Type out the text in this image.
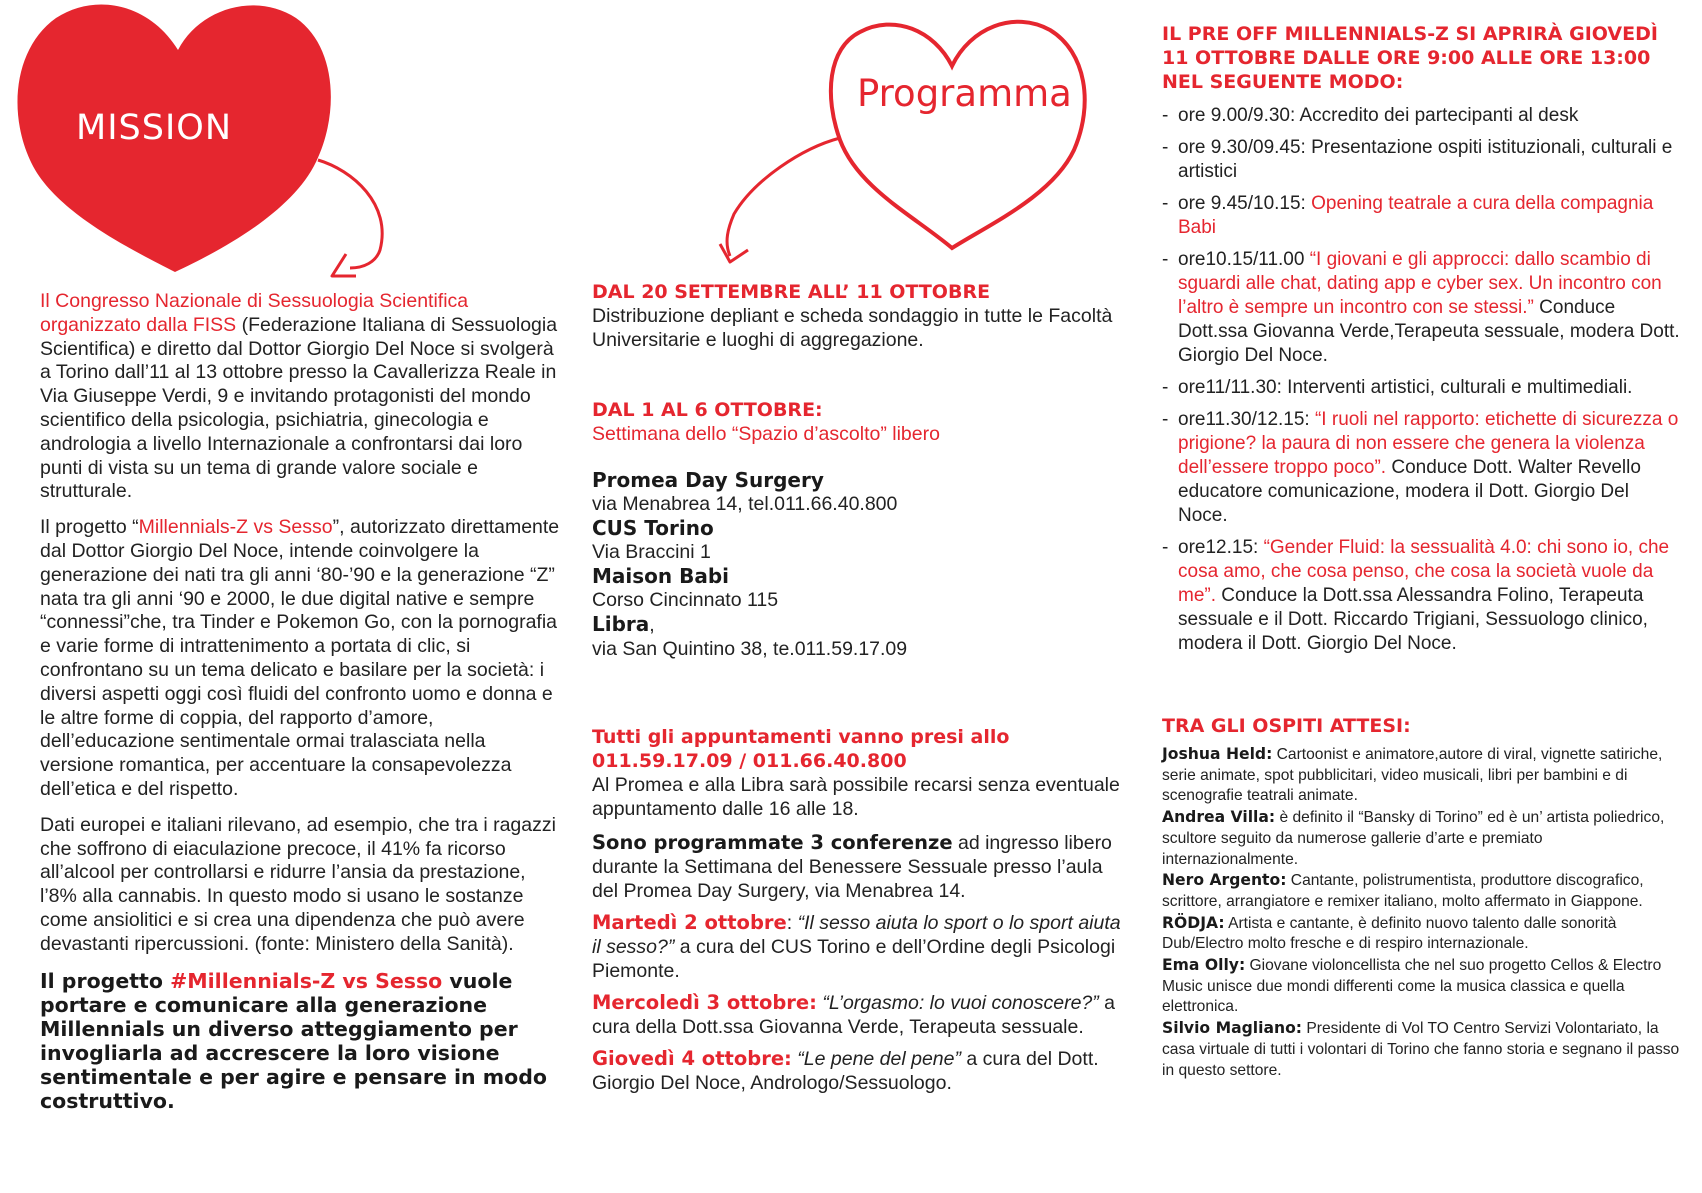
MISSION
Programma

Il Congresso Nazionale di Sessuologia Scientifica organizzato dalla FISS (Federazione Italiana di Sessuologia Scientifica) e diretto dal Dottor Giorgio Del Noce si svolgerà a Torino dall’11 al 13 ottobre presso la Cavallerizza Reale in Via Giuseppe Verdi, 9 e invitando protagonisti del mondo scientifico della psicologia, psichiatria, ginecologia e andrologia a livello Internazionale a confrontarsi dai loro punti di vista su un tema di grande valore sociale e strutturale.

Il progetto “Millennials-Z vs Sesso”, autorizzato direttamente dal Dottor Giorgio Del Noce, intende coinvolgere la generazione dei nati tra gli anni ‘80-’90 e la generazione “Z” nata tra gli anni ‘90 e 2000, le due digital native e sempre “connessi”che, tra Tinder e Pokemon Go, con la pornografia e varie forme di intrattenimento a portata di clic, si confrontano su un tema delicato e basilare per la società: i diversi aspetti oggi così fluidi del confronto uomo e donna e le altre forme di coppia, del rapporto d’amore, dell’educazione sentimentale ormai tralasciata nella versione romantica, per accentuare la consapevolezza dell’etica e del rispetto.

Dati europei e italiani rilevano, ad esempio, che tra i ragazzi che soffrono di eiaculazione precoce, il 41% fa ricorso all’alcool per controllarsi e ridurre l’ansia da prestazione, l’8% alla cannabis. In questo modo si usano le sostanze come ansiolitici e si crea una dipendenza che può avere devastanti ripercussioni. (fonte: Ministero della Sanità).

Il progetto #Millennials-Z vs Sesso vuole portare e comunicare alla generazione Millennials un diverso atteggiamento per invogliarla ad accrescere la loro visione sentimentale e per agire e pensare in modo costruttivo.

DAL 20 SETTEMBRE ALL’ 11 OTTOBRE

Distribuzione depliant e scheda sondaggio in tutte le Facoltà Universitarie e luoghi di aggregazione.

DAL 1 AL 6 OTTOBRE:

Settimana dello “Spazio d’ascolto” libero

Promea Day Surgery
via Menabrea 14, tel.011.66.40.800
CUS Torino
Via Braccini 1
Maison Babi
Corso Cincinnato 115
Libra,
via San Quintino 38, te.011.59.17.09
Tutti gli appuntamenti vanno presi allo 011.59.17.09 / 011.66.40.800

Al Promea e alla Libra sarà possibile recarsi senza eventuale appuntamento dalle 16 alle 18.

Sono programmate 3 conferenze ad ingresso libero durante la Settimana del Benessere Sessuale presso l’aula del Promea Day Surgery, via Menabrea 14.

Martedì 2 ottobre: “Il sesso aiuta lo sport o lo sport aiuta il sesso?” a cura del CUS Torino e dell’Ordine degli Psicologi Piemonte.

Mercoledì 3 ottobre: “L’orgasmo: lo vuoi conoscere?” a cura della Dott.ssa Giovanna Verde, Terapeuta sessuale.

Giovedì 4 ottobre: “Le pene del pene” a cura del Dott. Giorgio Del Noce, Andrologo/Sessuologo.

IL PRE OFF MILLENNIALS-Z SI APRIRÀ GIOVEDÌ 11 OTTOBRE DALLE ORE 9:00 ALLE ORE 13:00 NEL SEGUENTE MODO:
- ore 9.00/9.30: Accredito dei partecipanti al desk
- ore 9.30/09.45: Presentazione ospiti istituzionali, culturali e artistici
- ore 9.45/10.15: Opening teatrale a cura della compagnia Babi
- ore10.15/11.00 “I giovani e gli approcci: dallo scambio di sguardi alle chat, dating app e cyber sex. Un incontro con l’altro è sempre un incontro con se stessi.” Conduce Dott.ssa Giovanna Verde,Terapeuta sessuale, modera Dott. Giorgio Del Noce.
- ore11/11.30: Interventi artistici, culturali e multimediali.
- ore11.30/12.15: “I ruoli nel rapporto: etichette di sicurezza o prigione? la paura di non essere che genera la violenza dell’essere troppo poco”. Conduce Dott. Walter Revello educatore comunicazione, modera il Dott. Giorgio Del Noce.
- ore12.15: “Gender Fluid: la sessualità 4.0: chi sono io, che cosa amo, che cosa penso, che cosa la società vuole da me”. Conduce la Dott.ssa Alessandra Folino, Terapeuta sessuale e il Dott. Riccardo Trigiani, Sessuologo clinico, modera il Dott. Giorgio Del Noce.
TRA GLI OSPITI ATTESI:

Joshua Held: Cartoonist e animatore,autore di viral, vignette satiriche, serie animate, spot pubblicitari, video musicali, libri per bambini e di scenografie teatrali animate.

Andrea Villa: è definito il “Bansky di Torino” ed è un’ artista poliedrico, scultore seguito da numerose gallerie d’arte e premiato internazionalmente.

Nero Argento: Cantante, polistrumentista, produttore discografico, scrittore, arrangiatore e remixer italiano, molto affermato in Giappone.

RÖDJA: Artista e cantante, è definito nuovo talento dalle sonorità Dub/Electro molto fresche e di respiro internazionale.

Ema Olly: Giovane violoncellista che nel suo progetto Cellos & Electro Music unisce due mondi differenti come la musica classica e quella elettronica.

Silvio Magliano: Presidente di Vol TO Centro Servizi Volontariato, la casa virtuale di tutti i volontari di Torino che fanno storia e segnano il passo in questo settore.
